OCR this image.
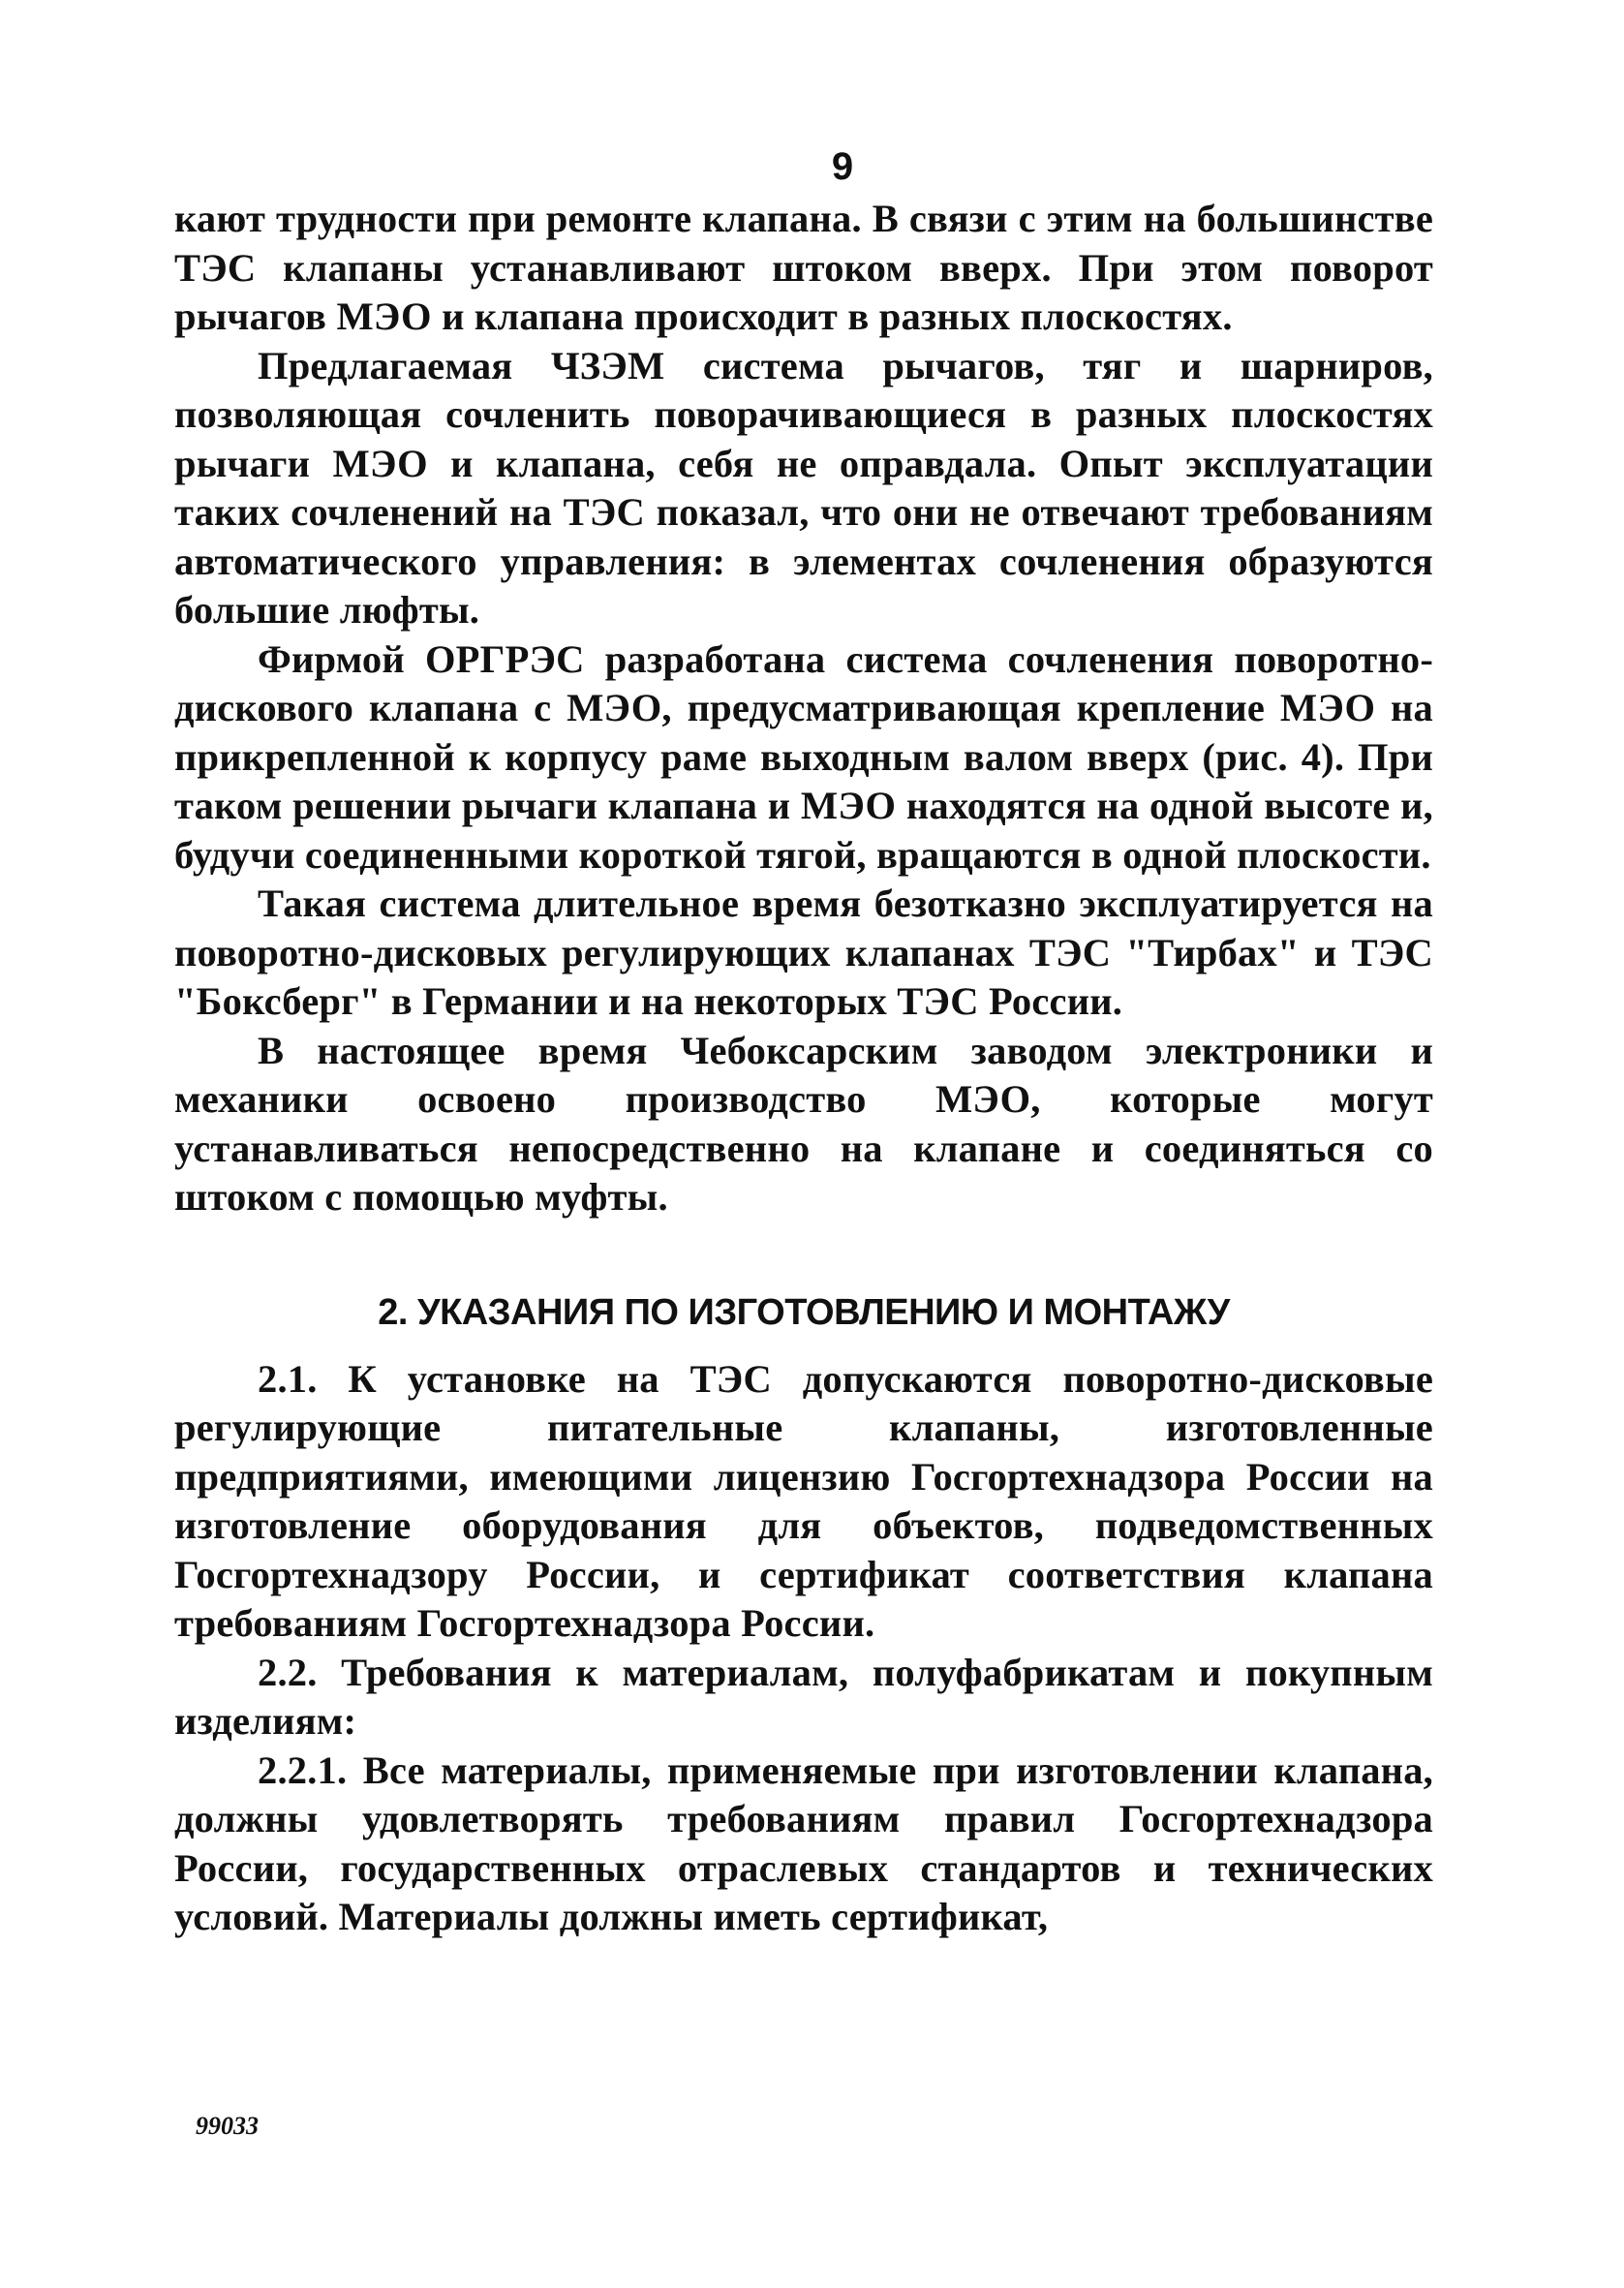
9

кают трудности при ремонте клапана. В связи с этим на большинстве ТЭС клапаны устанавливают штоком вверх. При этом поворот рычагов МЭО и клапана происходит в разных плоскостях.

Предлагаемая ЧЗЭМ система рычагов, тяг и шарниров, позволяющая сочленить поворачивающиеся в разных плоскостях рычаги МЭО и клапана, себя не оправдала. Опыт эксплуатации таких сочленений на ТЭС показал, что они не отвечают требованиям автоматического управления: в элементах сочленения образуются большие люфты.

Фирмой ОРГРЭС разработана система сочленения поворотно-дискового клапана с МЭО, предусматривающая крепление МЭО на прикрепленной к корпусу раме выходным валом вверх (рис. 4). При таком решении рычаги клапана и МЭО находятся на одной высоте и, будучи соединенными короткой тягой, вращаются в одной плоскости.

Такая система длительное время безотказно эксплуатируется на поворотно-дисковых регулирующих клапанах ТЭС "Тирбах" и ТЭС "Боксберг" в Германии и на некоторых ТЭС России.

В настоящее время Чебоксарским заводом электроники и механики освоено производство МЭО, которые могут устанавливаться непосредственно на клапане и соединяться со штоком с помощью муфты.

2. УКАЗАНИЯ ПО ИЗГОТОВЛЕНИЮ И МОНТАЖУ

2.1. К установке на ТЭС допускаются поворотно-дисковые регулирующие питательные клапаны, изготовленные предприятиями, имеющими лицензию Госгортехнадзора России на изготовление оборудования для объектов, подведомственных Госгортехнадзору России, и сертификат соответствия клапана требованиям Госгортехнадзора России.

2.2. Требования к материалам, полуфабрикатам и покупным изделиям:

2.2.1. Все материалы, применяемые при изготовлении клапана, должны удовлетворять требованиям правил Госгортехнадзора России, государственных отраслевых стандартов и технических условий. Материалы должны иметь сертификат,

99033
